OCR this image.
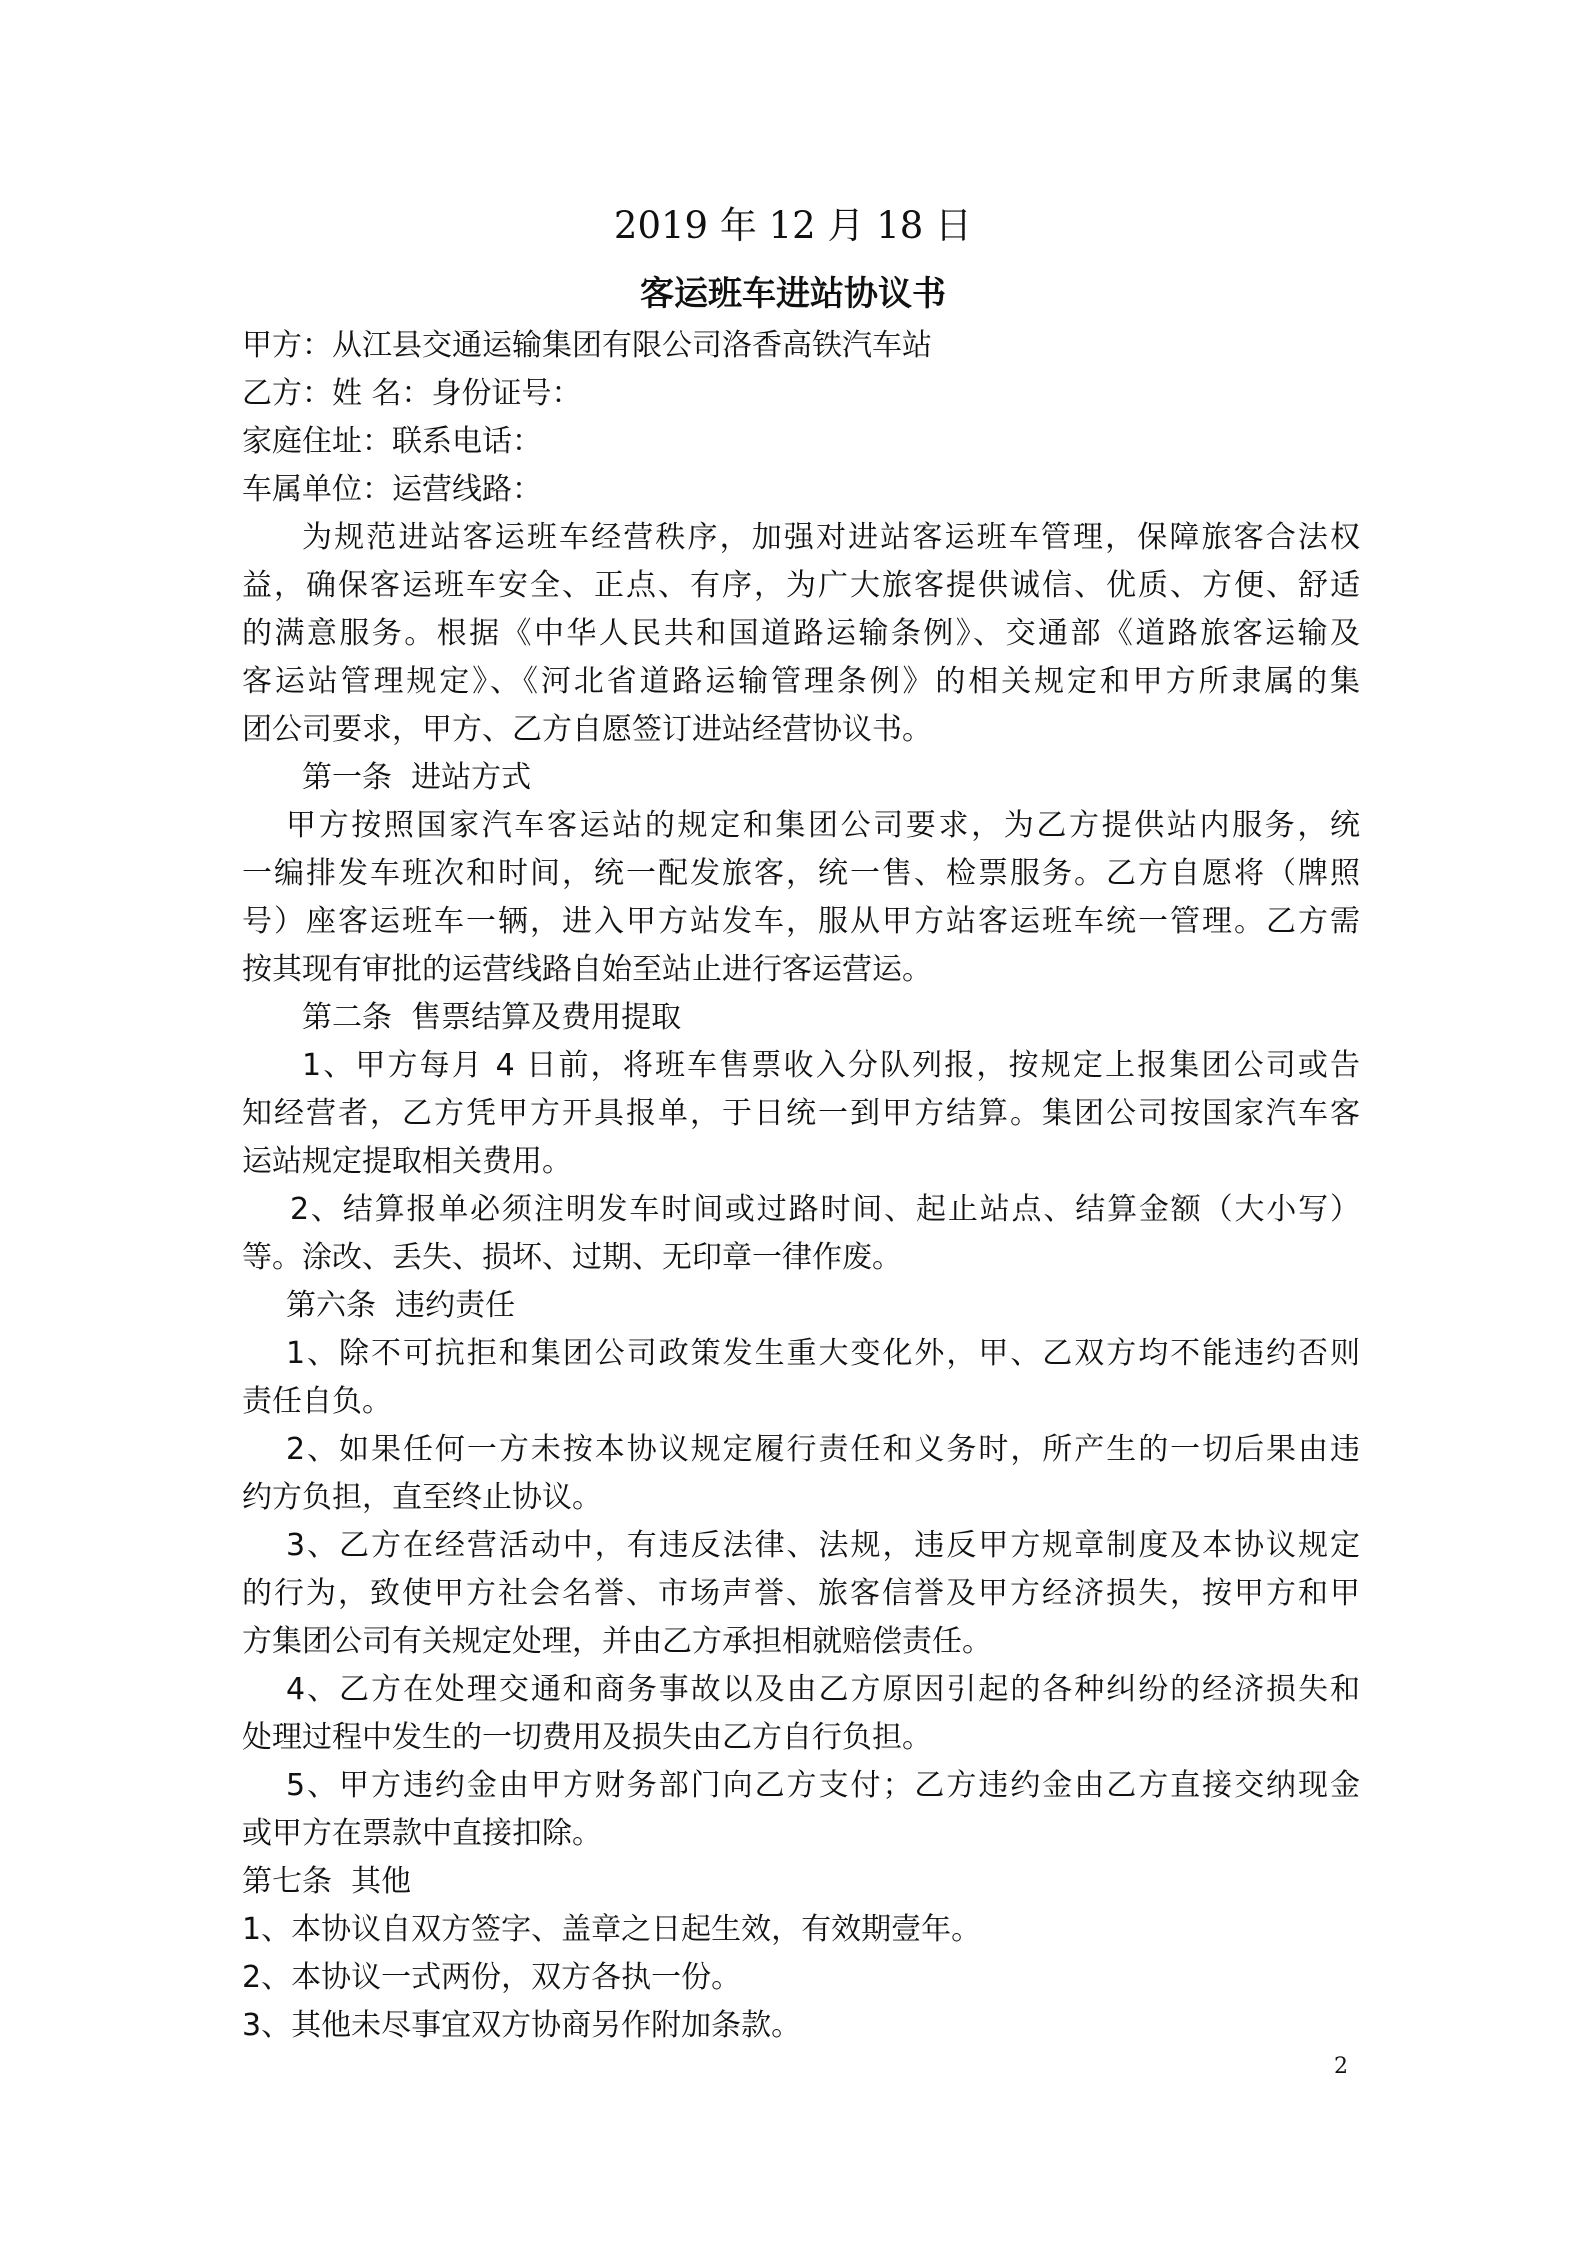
2019 年 12 月 18 日
客运班车进站协议书
甲方：从江县交通运输集团有限公司洛香高铁汽车站
乙方：姓 名：身份证号：
家庭住址：联系电话：
车属单位：运营线路：
为规范进站客运班车经营秩序，加强对进站客运班车管理，保障旅客合法权
益，确保客运班车安全、正点、有序，为广大旅客提供诚信、优质、方便、舒适
的满意服务。根据《中华人民共和国道路运输条例》、交通部《道路旅客运输及
客运站管理规定》、《河北省道路运输管理条例》的相关规定和甲方所隶属的集
团公司要求，甲方、乙方自愿签订进站经营协议书。
第一条  进站方式
甲方按照国家汽车客运站的规定和集团公司要求，为乙方提供站内服务，统
一编排发车班次和时间，统一配发旅客，统一售、检票服务。乙方自愿将（牌照
号）座客运班车一辆，进入甲方站发车，服从甲方站客运班车统一管理。乙方需
按其现有审批的运营线路自始至站止进行客运营运。
第二条  售票结算及费用提取
1、甲方每月 4 日前，将班车售票收入分队列报，按规定上报集团公司或告
知经营者，乙方凭甲方开具报单，于日统一到甲方结算。集团公司按国家汽车客
运站规定提取相关费用。
2、结算报单必须注明发车时间或过路时间、起止站点、结算金额（大小写）
等。涂改、丢失、损坏、过期、无印章一律作废。
第六条  违约责任
1、除不可抗拒和集团公司政策发生重大变化外，甲、乙双方均不能违约否则
责任自负。
2、如果任何一方未按本协议规定履行责任和义务时，所产生的一切后果由违
约方负担，直至终止协议。
3、乙方在经营活动中，有违反法律、法规，违反甲方规章制度及本协议规定
的行为，致使甲方社会名誉、市场声誉、旅客信誉及甲方经济损失，按甲方和甲
方集团公司有关规定处理，并由乙方承担相就赔偿责任。
4、乙方在处理交通和商务事故以及由乙方原因引起的各种纠纷的经济损失和
处理过程中发生的一切费用及损失由乙方自行负担。
5、甲方违约金由甲方财务部门向乙方支付；乙方违约金由乙方直接交纳现金
或甲方在票款中直接扣除。
第七条  其他
1、本协议自双方签字、盖章之日起生效，有效期壹年。
2、本协议一式两份，双方各执一份。
3、其他未尽事宜双方协商另作附加条款。
2
